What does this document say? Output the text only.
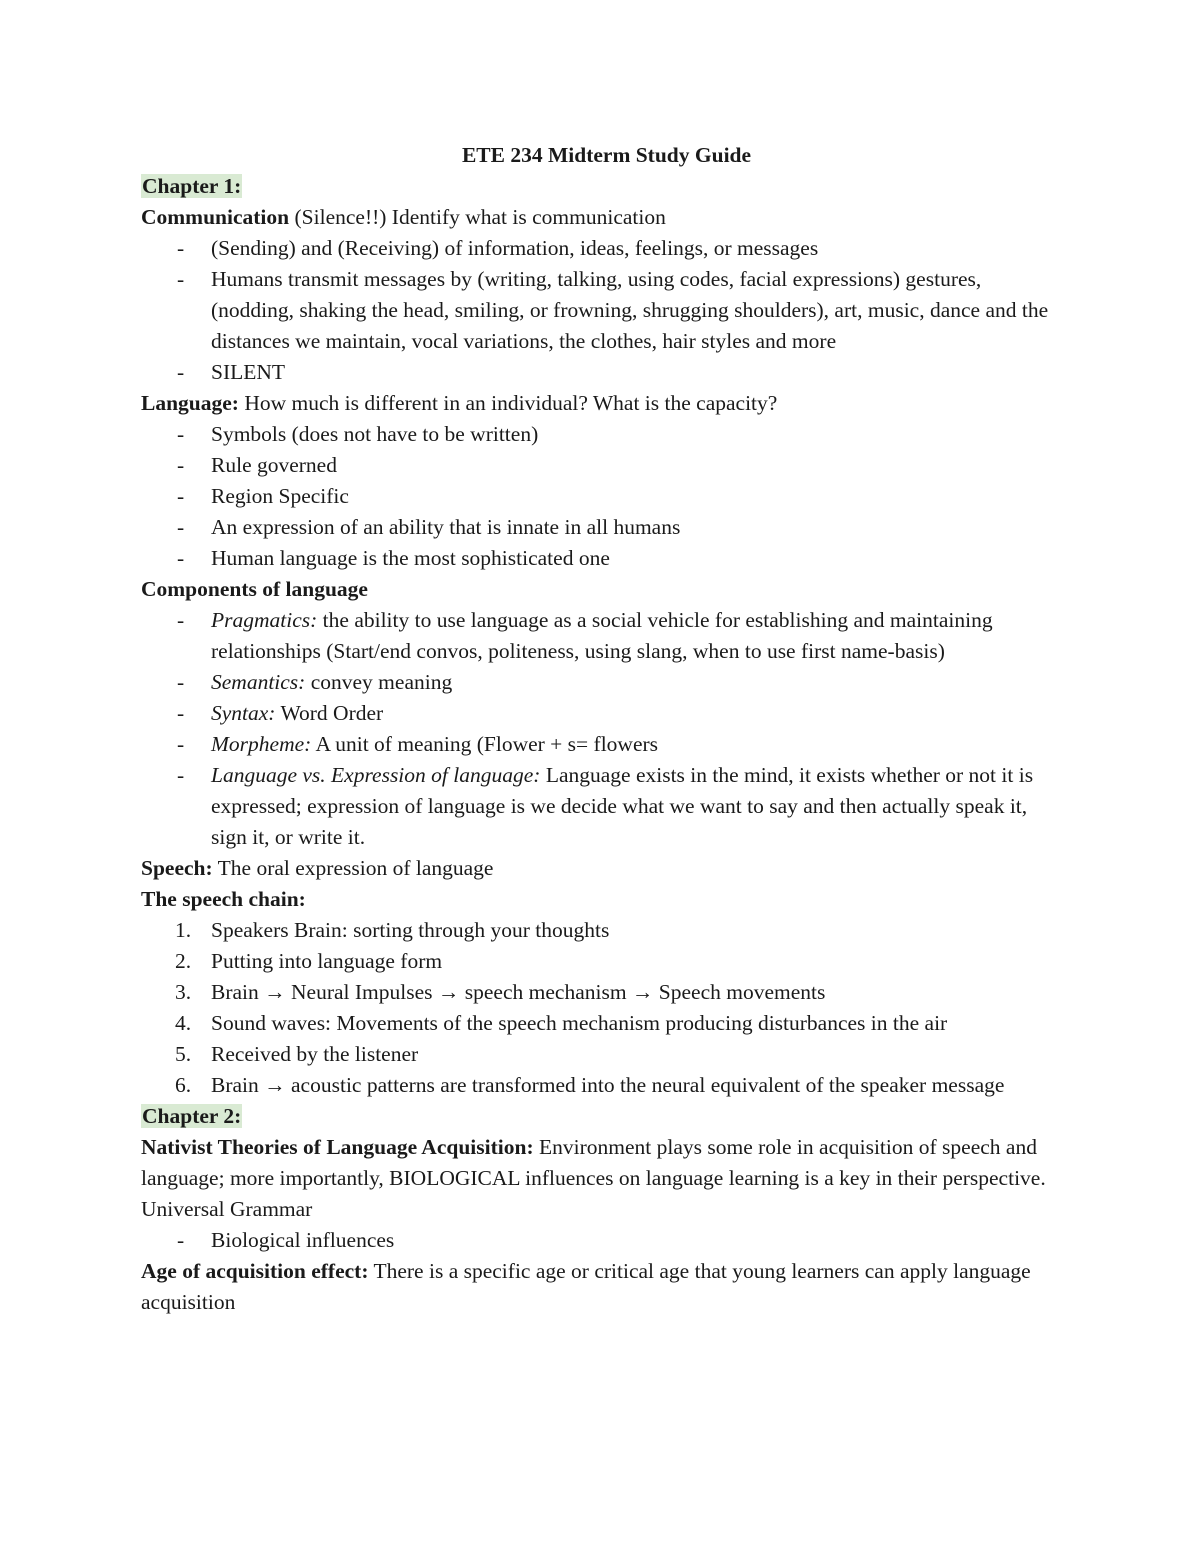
ETE 234 Midterm Study Guide

Chapter 1:

Communication (Silence!!) Identify what is communication

- (Sending) and (Receiving) of information, ideas, feelings, or messages
- Humans transmit messages by (writing, talking, using codes, facial expressions) gestures, (nodding, shaking the head, smiling, or frowning, shrugging shoulders), art, music, dance and the distances we maintain, vocal variations, the clothes, hair styles and more
- SILENT

Language: How much is different in an individual? What is the capacity?

- Symbols (does not have to be written)
- Rule governed
- Region Specific
- An expression of an ability that is innate in all humans
- Human language is the most sophisticated one

Components of language

- Pragmatics: the ability to use language as a social vehicle for establishing and maintaining relationships (Start/end convos, politeness, using slang, when to use first name-basis)
- Semantics: convey meaning
- Syntax: Word Order
- Morpheme: A unit of meaning (Flower + s= flowers
- Language vs. Expression of language: Language exists in the mind, it exists whether or not it is expressed; expression of language is we decide what we want to say and then actually speak it, sign it, or write it.

Speech: The oral expression of language

The speech chain:

1. Speakers Brain: sorting through your thoughts
2. Putting into language form
3. Brain → Neural Impulses → speech mechanism → Speech movements
4. Sound waves: Movements of the speech mechanism producing disturbances in the air
5. Received by the listener
6. Brain → acoustic patterns are transformed into the neural equivalent of the speaker message

Chapter 2:

Nativist Theories of Language Acquisition: Environment plays some role in acquisition of speech and language; more importantly, BIOLOGICAL influences on language learning is a key in their perspective. Universal Grammar

- Biological influences

Age of acquisition effect: There is a specific age or critical age that young learners can apply language acquisition
